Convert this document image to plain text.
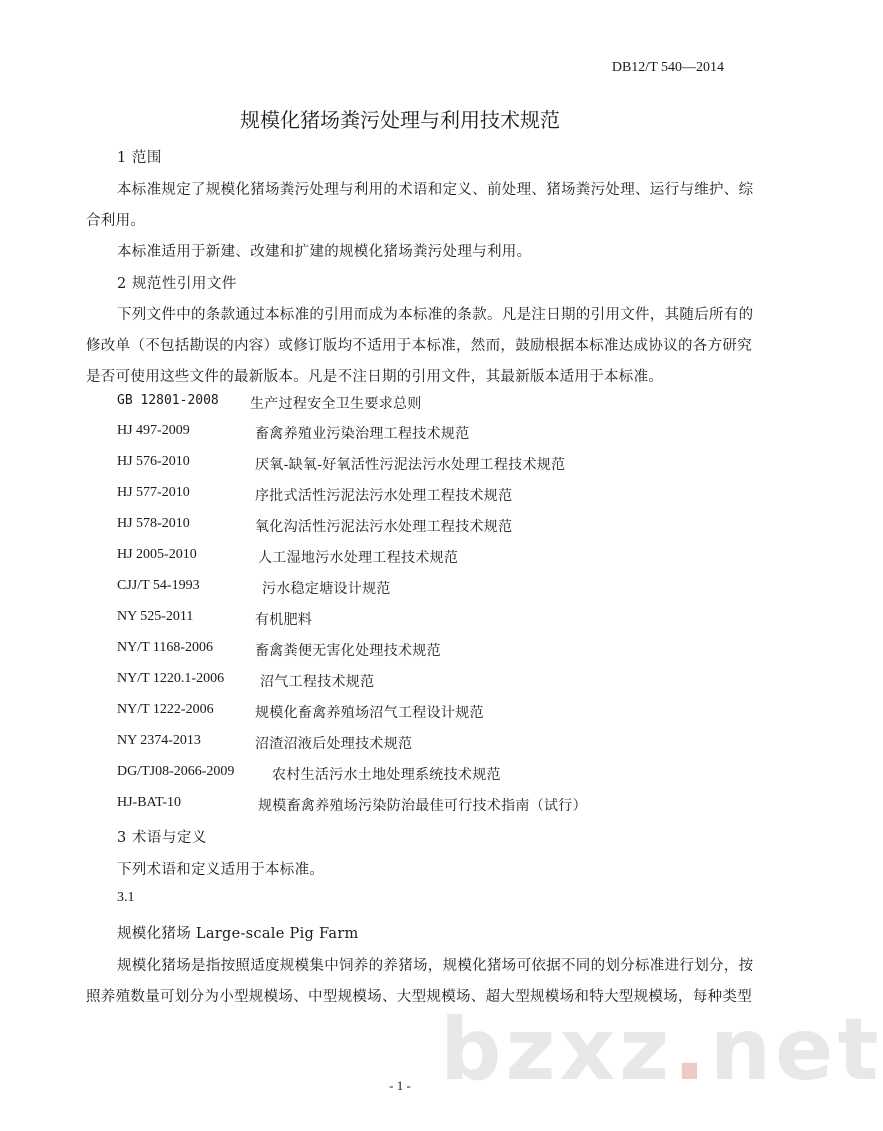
DB12/T 540—2014
规模化猪场粪污处理与利用技术规范
1 范围
本标准规定了规模化猪场粪污处理与利用的术语和定义、前处理、猪场粪污处理、运行与维护、综
合利用。
本标准适用于新建、改建和扩建的规模化猪场粪污处理与利用。
2 规范性引用文件
下列文件中的条款通过本标准的引用而成为本标准的条款。凡是注日期的引用文件，其随后所有的
修改单（不包括勘误的内容）或修订版均不适用于本标准，然而，鼓励根据本标准达成协议的各方研究
是否可使用这些文件的最新版本。凡是不注日期的引用文件，其最新版本适用于本标准。
GB 12801-2008 生产过程安全卫生要求总则
HJ 497-2009	畜禽养殖业污染治理工程技术规范
HJ 576-2010	厌氧-缺氧-好氧活性污泥法污水处理工程技术规范
HJ 577-2010	序批式活性污泥法污水处理工程技术规范
HJ 578-2010	氧化沟活性污泥法污水处理工程技术规范
HJ 2005-2010	人工湿地污水处理工程技术规范
CJJ/T 54-1993	污水稳定塘设计规范
NY 525-2011	有机肥料
NY/T 1168-2006	畜禽粪便无害化处理技术规范
NY/T 1220.1-2006	沼气工程技术规范
NY/T 1222-2006	规模化畜禽养殖场沼气工程设计规范
NY 2374-2013	沼渣沼液后处理技术规范
DG/TJ08-2066-2009	农村生活污水土地处理系统技术规范
HJ-BAT-10	规模畜禽养殖场污染防治最佳可行技术指南（试行）
3 术语与定义
下列术语和定义适用于本标准。
3.1
规模化猪场 Large-scale Pig Farm
规模化猪场是指按照适度规模集中饲养的养猪场，规模化猪场可依据不同的划分标准进行划分，按
照养殖数量可划分为小型规模场、中型规模场、大型规模场、超大型规模场和特大型规模场，每种类型
bzxz.net
- 1 -
